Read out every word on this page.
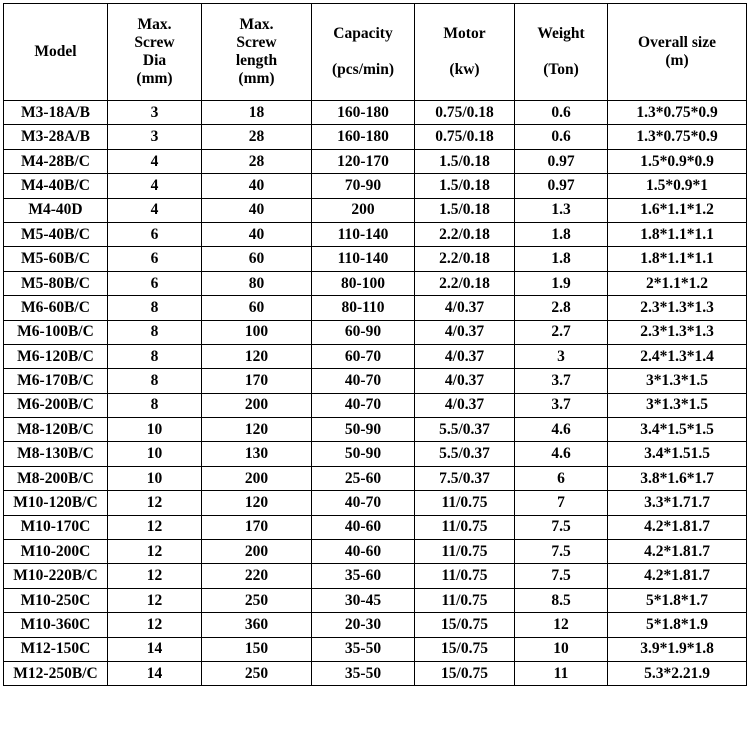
Model	Max.
Screw
Dia
(mm)	Max.
Screw
length
(mm)	Capacity
(pcs/min)	Motor
(kw)	Weight
(Ton)	Overall size
(m)

M3-18A/B	3	18	160-180	0.75/0.18	0.6	1.3*0.75*0.9
M3-28A/B	3	28	160-180	0.75/0.18	0.6	1.3*0.75*0.9
M4-28B/C	4	28	120-170	1.5/0.18	0.97	1.5*0.9*0.9
M4-40B/C	4	40	70-90	1.5/0.18	0.97	1.5*0.9*1
M4-40D	4	40	200	1.5/0.18	1.3	1.6*1.1*1.2
M5-40B/C	6	40	110-140	2.2/0.18	1.8	1.8*1.1*1.1
M5-60B/C	6	60	110-140	2.2/0.18	1.8	1.8*1.1*1.1
M5-80B/C	6	80	80-100	2.2/0.18	1.9	2*1.1*1.2
M6-60B/C	8	60	80-110	4/0.37	2.8	2.3*1.3*1.3
M6-100B/C	8	100	60-90	4/0.37	2.7	2.3*1.3*1.3
M6-120B/C	8	120	60-70	4/0.37	3	2.4*1.3*1.4
M6-170B/C	8	170	40-70	4/0.37	3.7	3*1.3*1.5
M6-200B/C	8	200	40-70	4/0.37	3.7	3*1.3*1.5
M8-120B/C	10	120	50-90	5.5/0.37	4.6	3.4*1.5*1.5
M8-130B/C	10	130	50-90	5.5/0.37	4.6	3.4*1.51.5
M8-200B/C	10	200	25-60	7.5/0.37	6	3.8*1.6*1.7
M10-120B/C	12	120	40-70	11/0.75	7	3.3*1.71.7
M10-170C	12	170	40-60	11/0.75	7.5	4.2*1.81.7
M10-200C	12	200	40-60	11/0.75	7.5	4.2*1.81.7
M10-220B/C	12	220	35-60	11/0.75	7.5	4.2*1.81.7
M10-250C	12	250	30-45	11/0.75	8.5	5*1.8*1.7
M10-360C	12	360	20-30	15/0.75	12	5*1.8*1.9
M12-150C	14	150	35-50	15/0.75	10	3.9*1.9*1.8
M12-250B/C	14	250	35-50	15/0.75	11	5.3*2.21.9
